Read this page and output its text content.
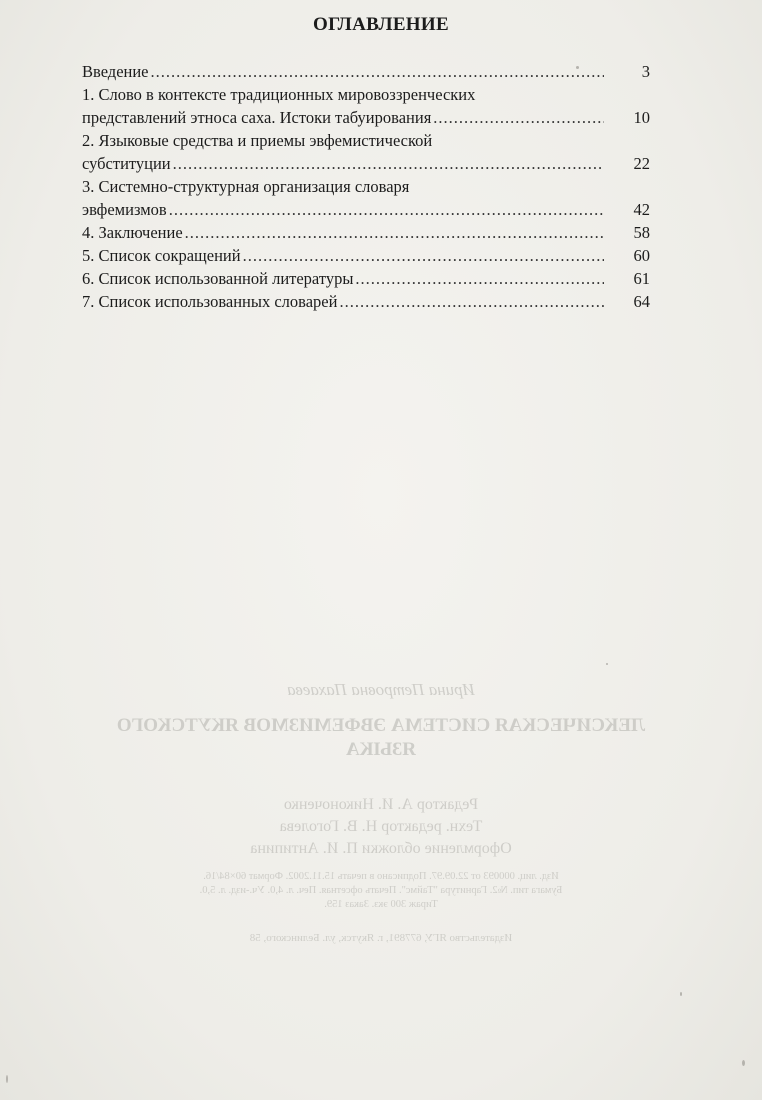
ОГЛАВЛЕНИЕ
Введение .....	3
1. Слово в контексте традиционных мировоззренческих
представлений этноса саха. Истоки табуирования .....	10
2. Языковые средства и приемы эвфемистической
субституции .....	22
3. Системно-структурная организация словаря
эвфемизмов .....	42
4. Заключение .....	58
5. Список сокращений .....	60
6. Список использованной литературы .....	61
7. Список использованных словарей .....	64
Ирина Петровна Пахаева
ЛЕКСИЧЕСКАЯ СИСТЕМА ЭВФЕМИЗМОВ ЯКУТСКОГО
ЯЗЫКА
Редактор А. И. Никоноченко
Техн. редактор Н. В. Гоголева
Оформление обложки П. И. Антипина
Изд. лиц. 000093 от 22.09.97. Подписано в печать 15.11.2002. Формат 60×84/16.
Бумага тип. №2. Гарнитура "Таймс". Печать офсетная. Печ. л. 4,0. Уч.-изд. л. 5,0.
Тираж 300 экз. Заказ 159.
Издательство ЯГУ, 677891, г. Якутск, ул. Белинского, 58
